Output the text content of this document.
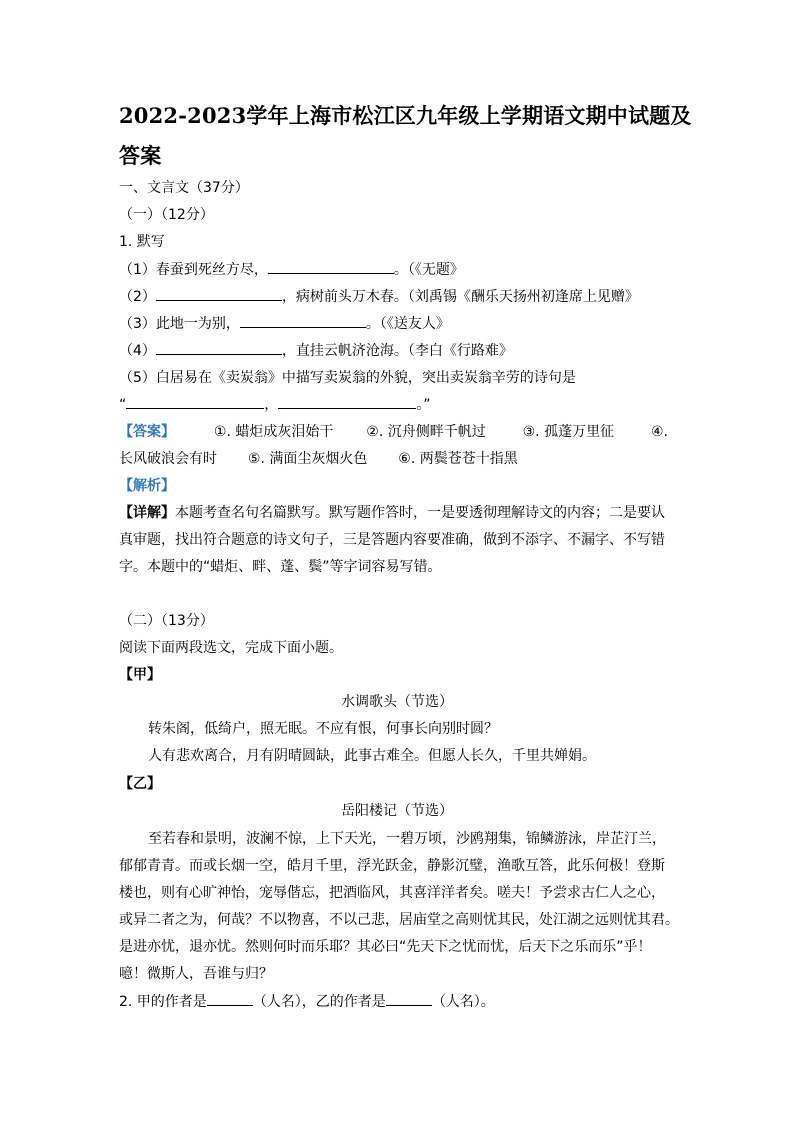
2022-2023学年上海市松江区九年级上学期语文期中试题及答案
一、文言文（37分）
（一）（12分）
1. 默写
（1）春蚕到死丝方尽，	。（《无题》
（2）	，病树前头万木春。（刘禹锡《酬乐天扬州初逢席上见赠》
（3）此地一为别，	。（《送友人》
（4）	，直挂云帆济沧海。（李白《行路难》
（5）白居易在《卖炭翁》中描写卖炭翁的外貌，突出卖炭翁辛劳的诗句是
“	，	。”
【答案】	①. 蜡炬成灰泪始干 ②. 沉舟侧畔千帆过	③. 孤蓬万里征	④.
长风破浪会有时 ⑤. 满面尘灰烟火色 ⑥. 两鬓苍苍十指黑
【解析】
【详解】本题考查名句名篇默写。默写题作答时，一是要透彻理解诗文的内容；二是要认
真审题，找出符合题意的诗文句子，三是答题内容要准确，做到不添字、不漏字、不写错
字。本题中的“蜡炬、畔、蓬、鬓”等字词容易写错。
（二）（13分）
阅读下面两段选文，完成下面小题。
【甲】
水调歌头（节选）
转朱阁，低绮户，照无眠。不应有恨，何事长向别时圆？
人有悲欢离合，月有阴晴圆缺，此事古难全。但愿人长久，千里共婵娟。
【乙】
岳阳楼记（节选）
至若春和景明，波澜不惊，上下天光，一碧万顷，沙鸥翔集，锦鳞游泳，岸芷汀兰，
郁郁青青。而或长烟一空，皓月千里，浮光跃金，静影沉璧，渔歌互答，此乐何极！登斯
楼也，则有心旷神怡，宠辱偕忘，把酒临风，其喜洋洋者矣。嗟夫！予尝求古仁人之心，
或异二者之为，何哉？不以物喜，不以己悲，居庙堂之高则忧其民，处江湖之远则忧其君。
是进亦忧，退亦忧。然则何时而乐耶？其必曰“先天下之忧而忧，后天下之乐而乐”乎！
噫！微斯人，吾谁与归？
2. 甲的作者是	（人名），乙的作者是	（人名）。
